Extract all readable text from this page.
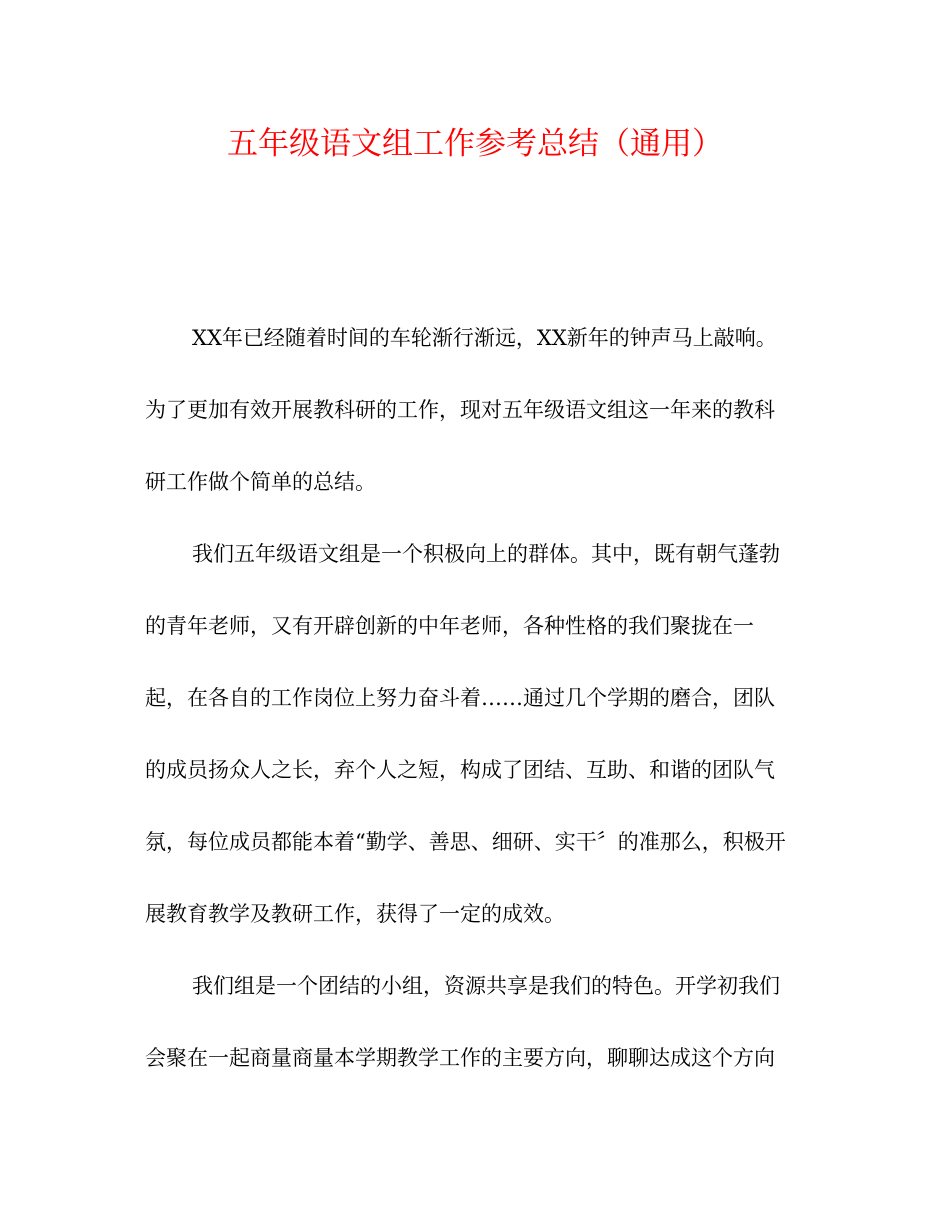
五年级语文组工作参考总结（通用）

XX年已经随着时间的车轮渐行渐远，XX新年的钟声马上敲响。

为了更加有效开展教科研的工作，现对五年级语文组这一年来的教科

研工作做个简单的总结。

我们五年级语文组是一个积极向上的群体。其中，既有朝气蓬勃

的青年老师，又有开辟创新的中年老师，各种性格的我们聚拢在一

起，在各自的工作岗位上努力奋斗着……通过几个学期的磨合，团队

的成员扬众人之长，弃个人之短，构成了团结、互助、和谐的团队气

氛，每位成员都能本着“勤学、善思、细研、实干〞的准那么，积极开

展教育教学及教研工作，获得了一定的成效。

我们组是一个团结的小组，资源共享是我们的特色。开学初我们

会聚在一起商量商量本学期教学工作的主要方向，聊聊达成这个方向
